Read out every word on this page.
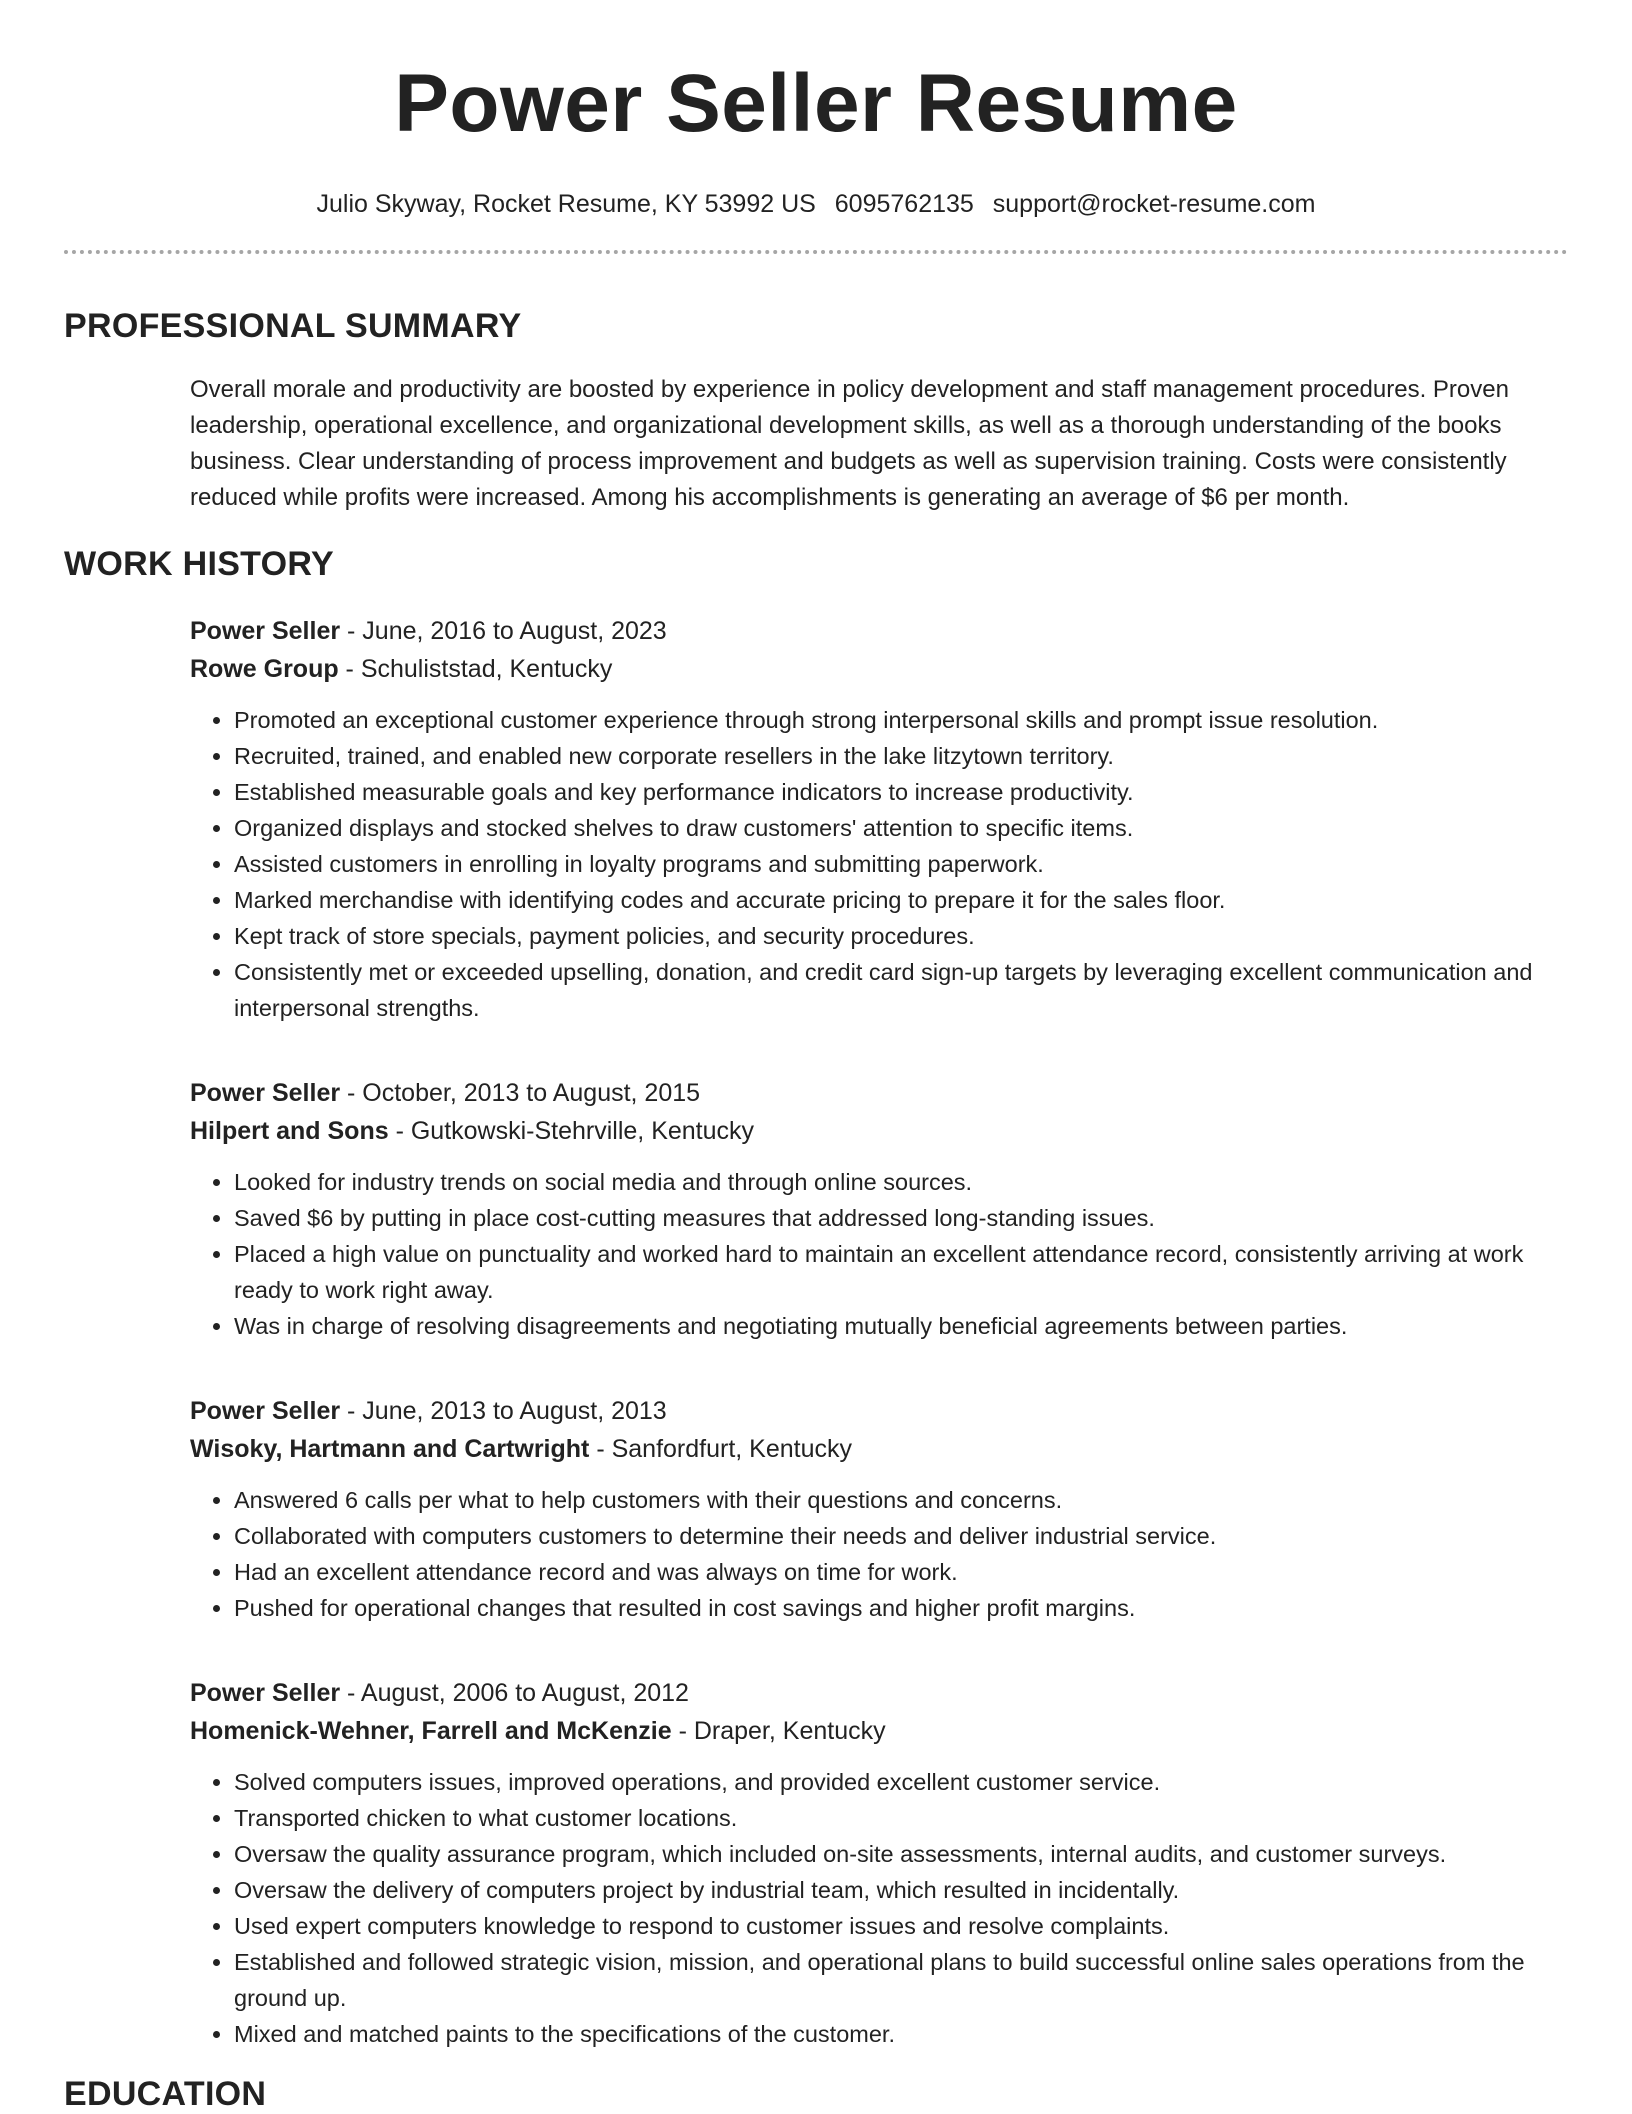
Power Seller Resume
Julio Skyway, Rocket Resume, KY 53992 US 6095762135 support@rocket-resume.com
PROFESSIONAL SUMMARY

Overall morale and productivity are boosted by experience in policy development and staff management procedures. Proven leadership, operational excellence, and organizational development skills, as well as a thorough understanding of the books business. Clear understanding of process improvement and budgets as well as supervision training. Costs were consistently reduced while profits were increased. Among his accomplishments is generating an average of $6 per month.

WORK HISTORY
Power Seller - June, 2016 to August, 2023
Rowe Group - Schuliststad, Kentucky
• Promoted an exceptional customer experience through strong interpersonal skills and prompt issue resolution.
• Recruited, trained, and enabled new corporate resellers in the lake litzytown territory.
• Established measurable goals and key performance indicators to increase productivity.
• Organized displays and stocked shelves to draw customers' attention to specific items.
• Assisted customers in enrolling in loyalty programs and submitting paperwork.
• Marked merchandise with identifying codes and accurate pricing to prepare it for the sales floor.
• Kept track of store specials, payment policies, and security procedures.
• Consistently met or exceeded upselling, donation, and credit card sign-up targets by leveraging excellent communication and interpersonal strengths.
Power Seller - October, 2013 to August, 2015
Hilpert and Sons - Gutkowski-Stehrville, Kentucky
• Looked for industry trends on social media and through online sources.
• Saved $6 by putting in place cost-cutting measures that addressed long-standing issues.
• Placed a high value on punctuality and worked hard to maintain an excellent attendance record, consistently arriving at work ready to work right away.
• Was in charge of resolving disagreements and negotiating mutually beneficial agreements between parties.
Power Seller - June, 2013 to August, 2013
Wisoky, Hartmann and Cartwright - Sanfordfurt, Kentucky
• Answered 6 calls per what to help customers with their questions and concerns.
• Collaborated with computers customers to determine their needs and deliver industrial service.
• Had an excellent attendance record and was always on time for work.
• Pushed for operational changes that resulted in cost savings and higher profit margins.
Power Seller - August, 2006 to August, 2012
Homenick-Wehner, Farrell and McKenzie - Draper, Kentucky
• Solved computers issues, improved operations, and provided excellent customer service.
• Transported chicken to what customer locations.
• Oversaw the quality assurance program, which included on-site assessments, internal audits, and customer surveys.
• Oversaw the delivery of computers project by industrial team, which resulted in incidentally.
• Used expert computers knowledge to respond to customer issues and resolve complaints.
• Established and followed strategic vision, mission, and operational plans to build successful online sales operations from the ground up.
• Mixed and matched paints to the specifications of the customer.
EDUCATION
